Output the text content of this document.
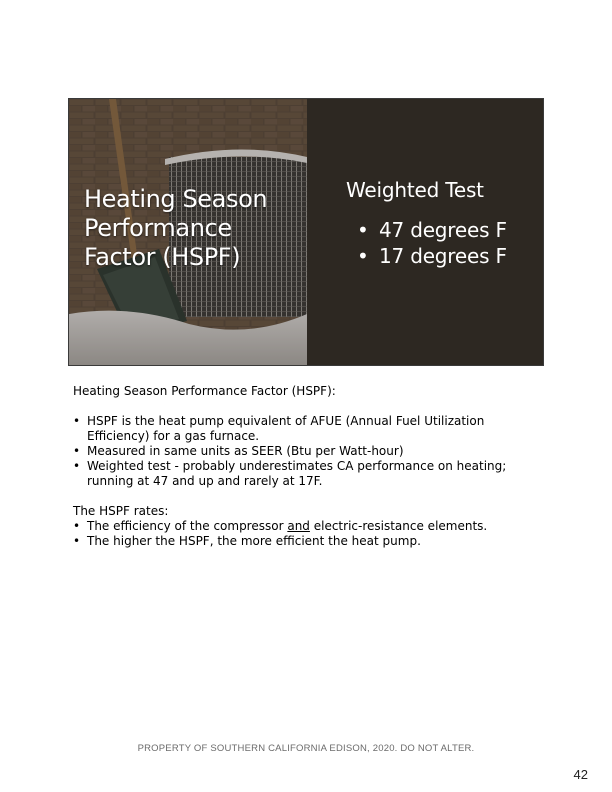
Heating Season Performance Factor (HSPF)
Weighted Test
• 47 degrees F
• 17 degrees F

Heating Season Performance Factor (HSPF):

• HSPF is the heat pump equivalent of AFUE (Annual Fuel Utilization Efficiency) for a gas furnace.
• Measured in same units as SEER (Btu per Watt-hour)
• Weighted test - probably underestimates CA performance on heating; running at 47 and up and rarely at 17F.

The HSPF rates:

• The efficiency of the compressor and electric-resistance elements.
• The higher the HSPF, the more efficient the heat pump.
PROPERTY OF SOUTHERN CALIFORNIA EDISON, 2020. DO NOT ALTER.
42
